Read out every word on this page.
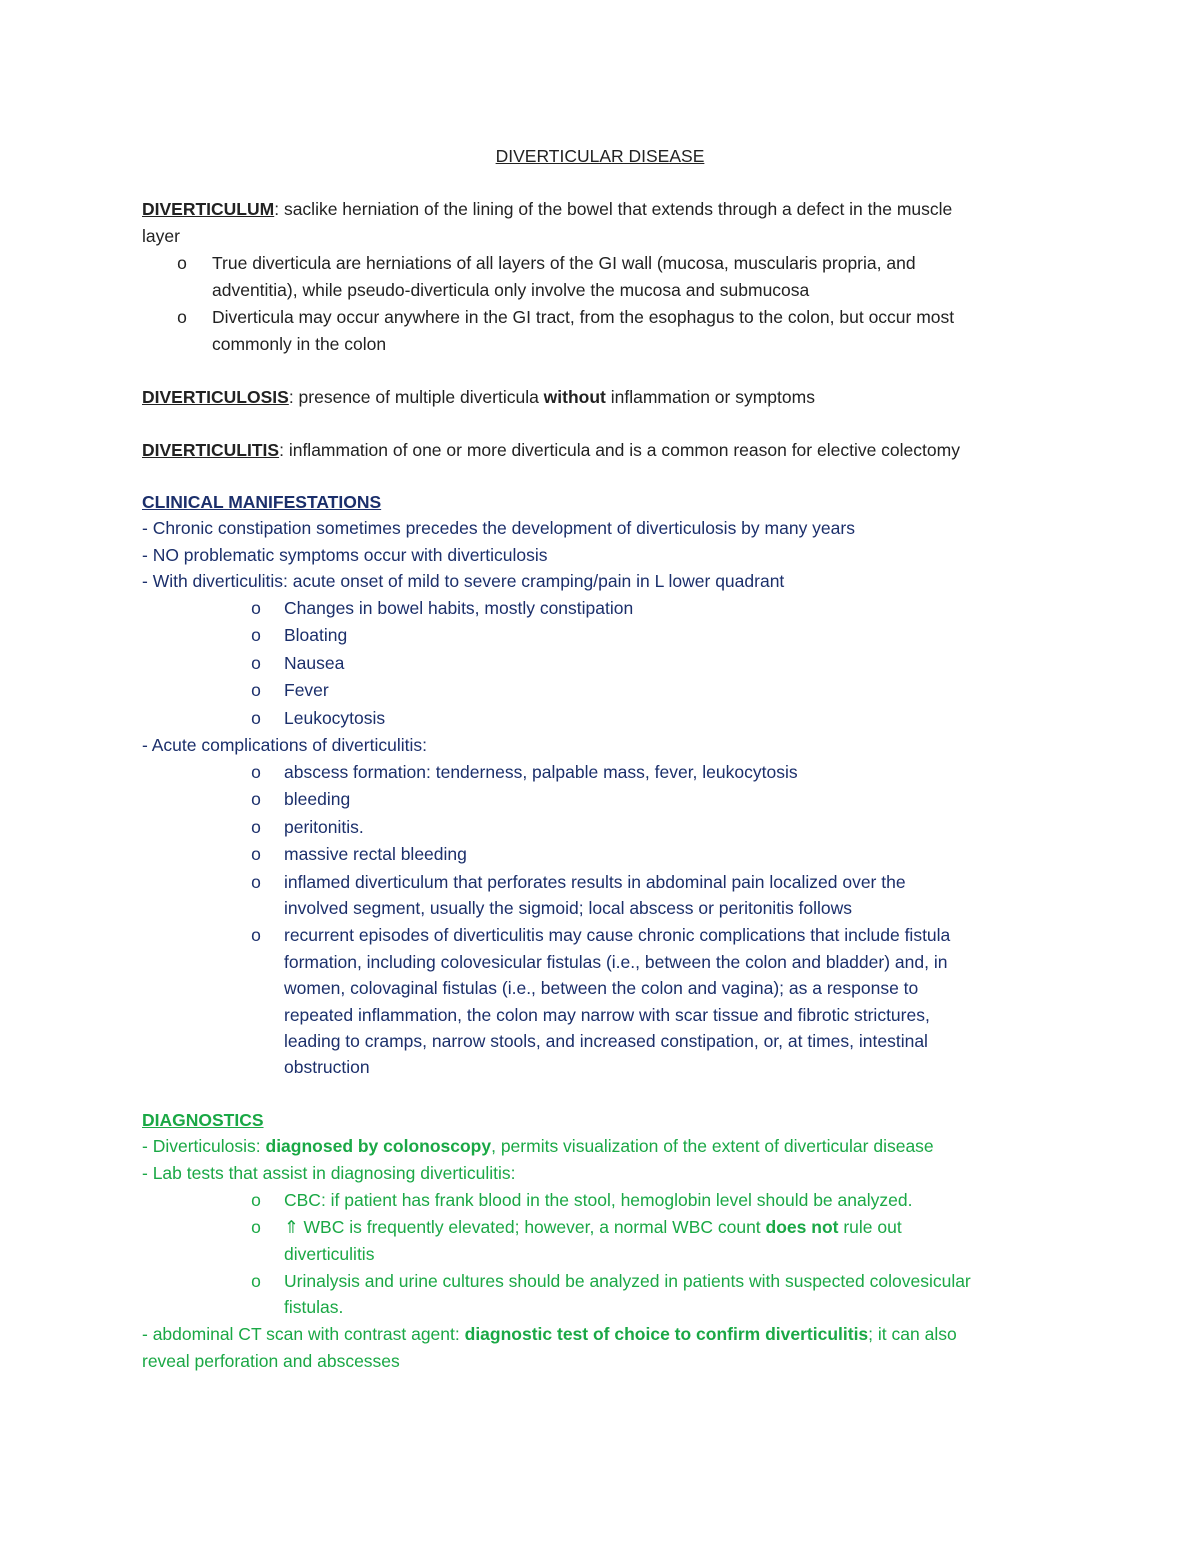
DIVERTICULAR DISEASE
DIVERTICULUM: saclike herniation of the lining of the bowel that extends through a defect in the muscle
layer
o True diverticula are herniations of all layers of the GI wall (mucosa, muscularis propria, and
adventitia), while pseudo-diverticula only involve the mucosa and submucosa
o Diverticula may occur anywhere in the GI tract, from the esophagus to the colon, but occur most
commonly in the colon
DIVERTICULOSIS: presence of multiple diverticula without inflammation or symptoms
DIVERTICULITIS: inflammation of one or more diverticula and is a common reason for elective colectomy
CLINICAL MANIFESTATIONS
- Chronic constipation sometimes precedes the development of diverticulosis by many years
- NO problematic symptoms occur with diverticulosis
- With diverticulitis: acute onset of mild to severe cramping/pain in L lower quadrant
o Changes in bowel habits, mostly constipation
o Bloating
o Nausea
o Fever
o Leukocytosis
- Acute complications of diverticulitis:
o abscess formation: tenderness, palpable mass, fever, leukocytosis
o bleeding
o peritonitis.
o massive rectal bleeding
o inflamed diverticulum that perforates results in abdominal pain localized over the
involved segment, usually the sigmoid; local abscess or peritonitis follows
o recurrent episodes of diverticulitis may cause chronic complications that include fistula
formation, including colovesicular fistulas (i.e., between the colon and bladder) and, in
women, colovaginal fistulas (i.e., between the colon and vagina); as a response to
repeated inflammation, the colon may narrow with scar tissue and fibrotic strictures,
leading to cramps, narrow stools, and increased constipation, or, at times, intestinal
obstruction
DIAGNOSTICS
- Diverticulosis: diagnosed by colonoscopy, permits visualization of the extent of diverticular disease
- Lab tests that assist in diagnosing diverticulitis:
o CBC: if patient has frank blood in the stool, hemoglobin level should be analyzed.
o ⇑ WBC is frequently elevated; however, a normal WBC count does not rule out
diverticulitis
o Urinalysis and urine cultures should be analyzed in patients with suspected colovesicular
fistulas.
- abdominal CT scan with contrast agent: diagnostic test of choice to confirm diverticulitis; it can also
reveal perforation and abscesses
